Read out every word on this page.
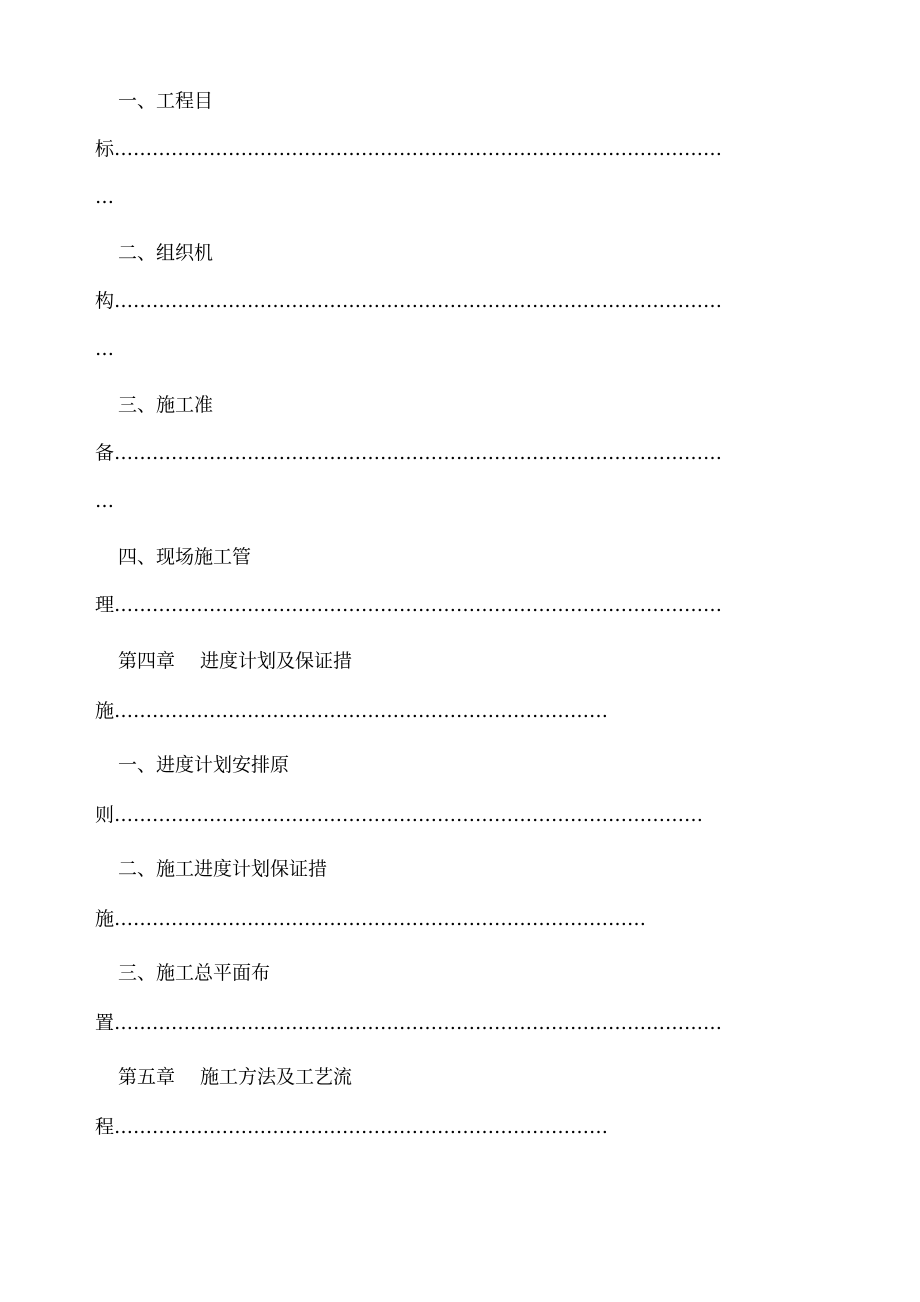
一、工程目
标……………………………………………………………………………………
…
二、组织机
构……………………………………………………………………………………
…
三、施工准
备……………………………………………………………………………………
…
四、现场施工管
理……………………………………………………………………………………
第四章 进度计划及保证措
施……………………………………………………………………
一、进度计划安排原
则…………………………………………………………………………………
二、施工进度计划保证措
施…………………………………………………………………………
三、施工总平面布
置……………………………………………………………………………………
第五章 施工方法及工艺流
程……………………………………………………………………
